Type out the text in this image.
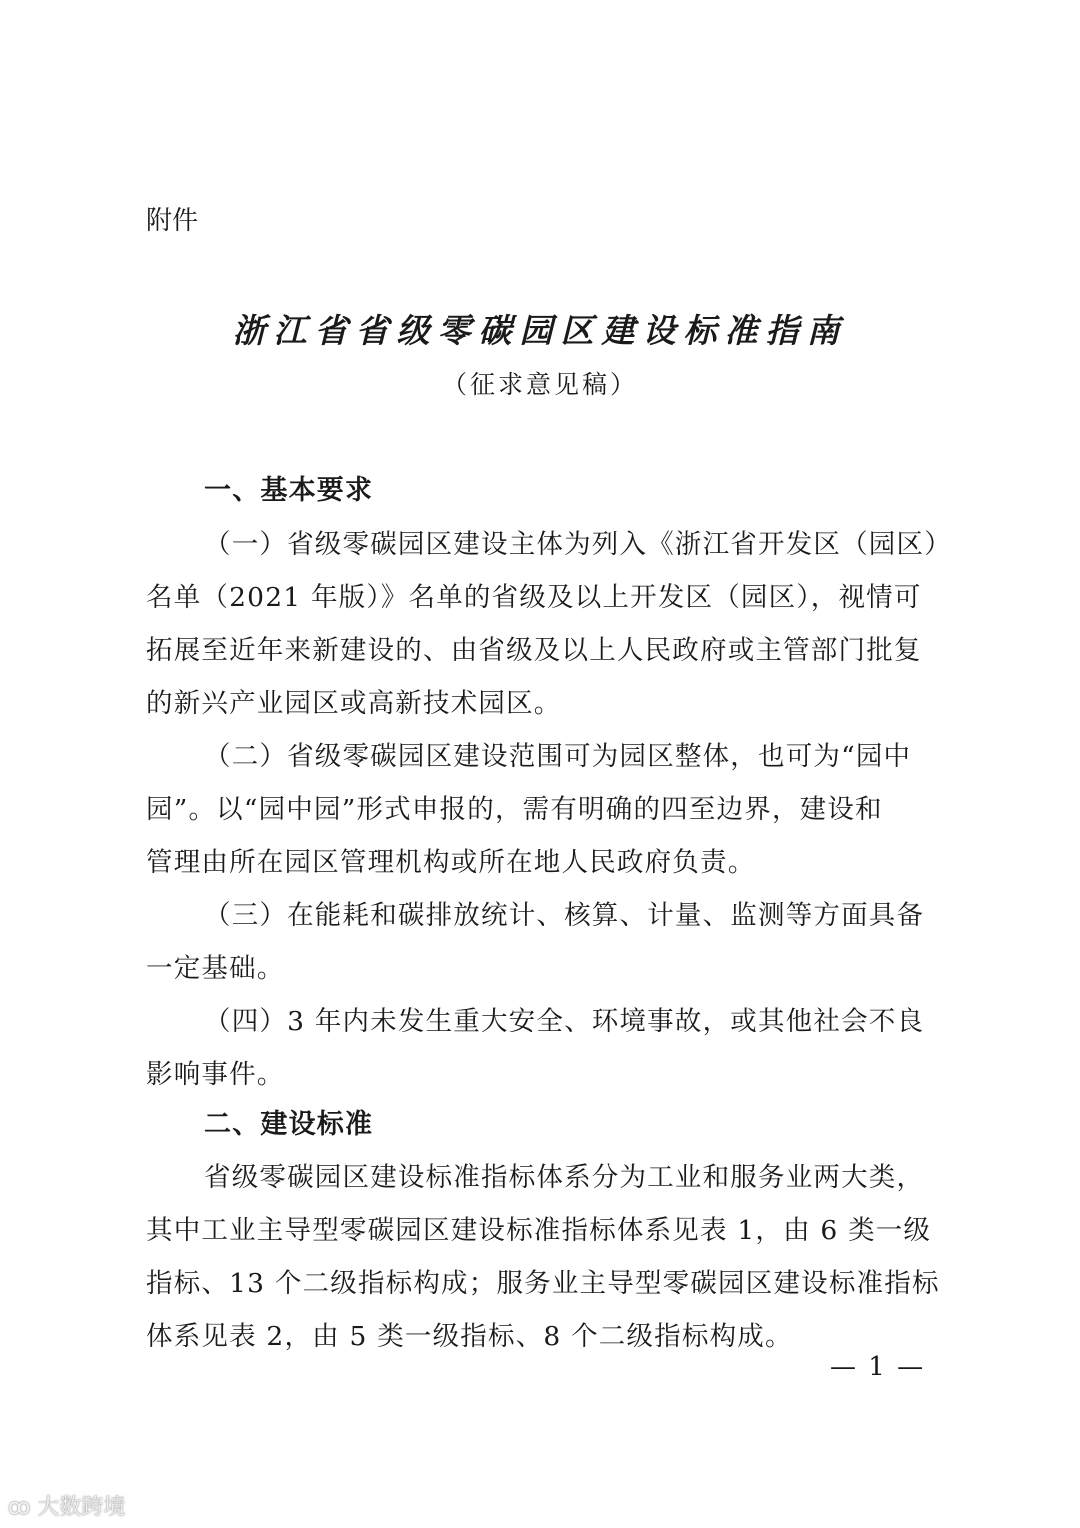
附件
浙江省省级零碳园区建设标准指南
（征求意见稿）
一、基本要求
（一）省级零碳园区建设主体为列入《浙江省开发区（园区）
名单（2021 年版）》名单的省级及以上开发区（园区），视情可
拓展至近年来新建设的、由省级及以上人民政府或主管部门批复
的新兴产业园区或高新技术园区。
（二）省级零碳园区建设范围可为园区整体，也可为“园中
园”。以“园中园”形式申报的，需有明确的四至边界，建设和
管理由所在园区管理机构或所在地人民政府负责。
（三）在能耗和碳排放统计、核算、计量、监测等方面具备
一定基础。
（四）3 年内未发生重大安全、环境事故，或其他社会不良
影响事件。
二、建设标准
省级零碳园区建设标准指标体系分为工业和服务业两大类，
其中工业主导型零碳园区建设标准指标体系见表 1，由 6 类一级
指标、13 个二级指标构成；服务业主导型零碳园区建设标准指标
体系见表 2，由 5 类一级指标、8 个二级指标构成。
— 1 —
ꝏ 大数跨境
